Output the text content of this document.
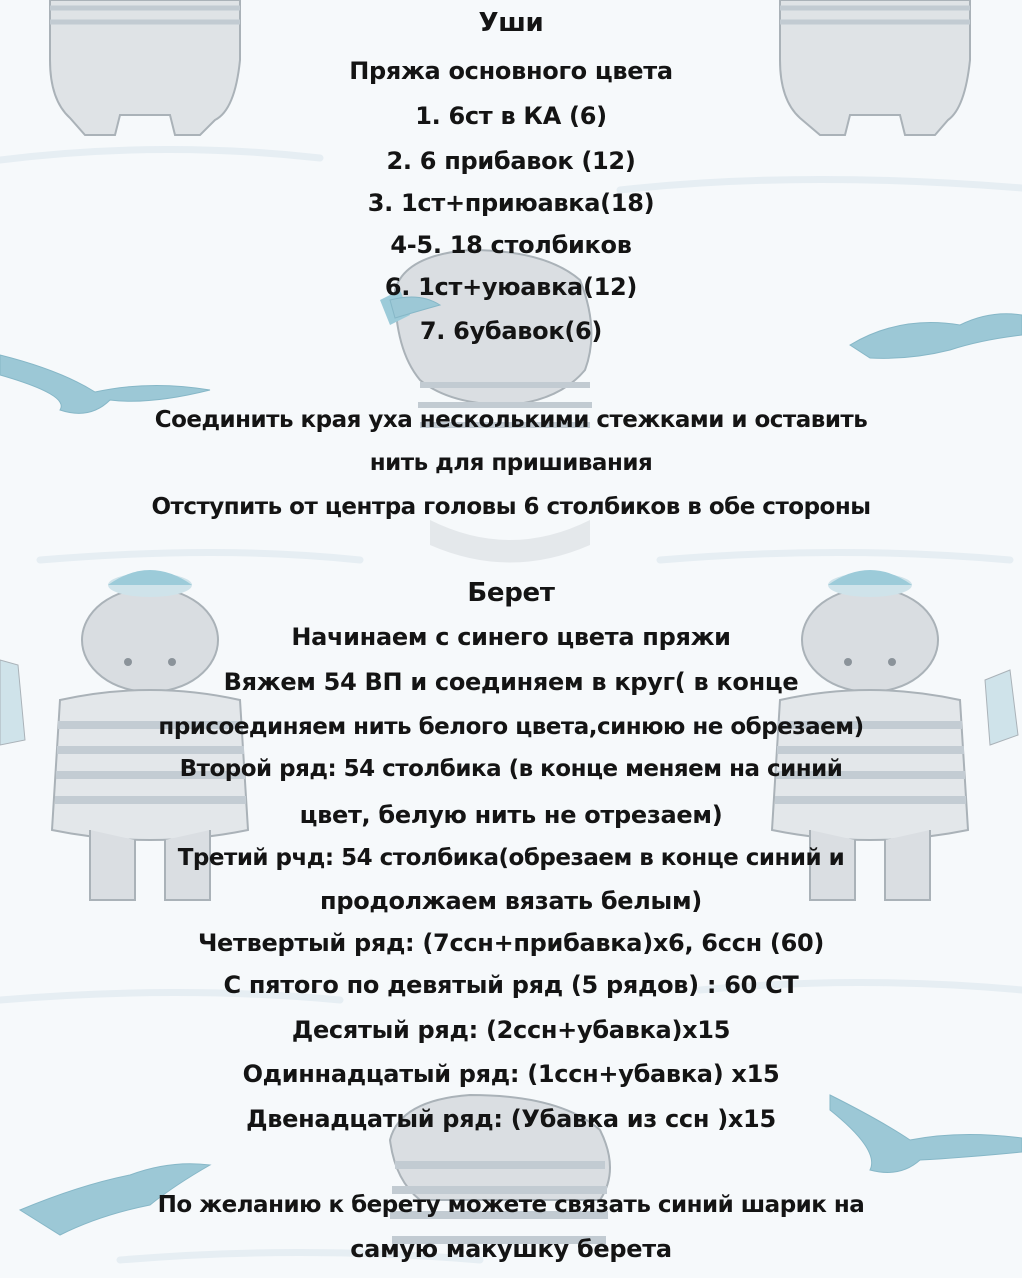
Уши
Пряжа основного цвета
1. 6ст в КА (6)
2. 6 прибавок (12)
3. 1ст+приюавка(18)
4-5. 18 столбиков
6. 1ст+уюавка(12)
7. 6убавок(6)
Соединить края уха несколькими стежками и оставить
нить для пришивания
Отступить от центра головы 6 столбиков в обе стороны
Берет
Начинаем с синего цвета пряжи
Вяжем 54 ВП и соединяем в круг( в конце
присоединяем нить белого цвета,синюю не обрезаем)
Второй ряд: 54 столбика (в конце меняем на синий
цвет, белую нить не отрезаем)
Третий рчд: 54 столбика(обрезаем в конце синий и
продолжаем вязать белым)
Четвертый ряд: (7ссн+прибавка)х6, 6ссн (60)
С пятого по девятый ряд (5 рядов) : 60 СТ
Десятый ряд: (2ссн+убавка)х15
Одиннадцатый ряд: (1ссн+убавка) х15
Двенадцатый ряд: (Убавка из ссн )х15
По желанию к берету можете связать синий шарик на
самую макушку берета
